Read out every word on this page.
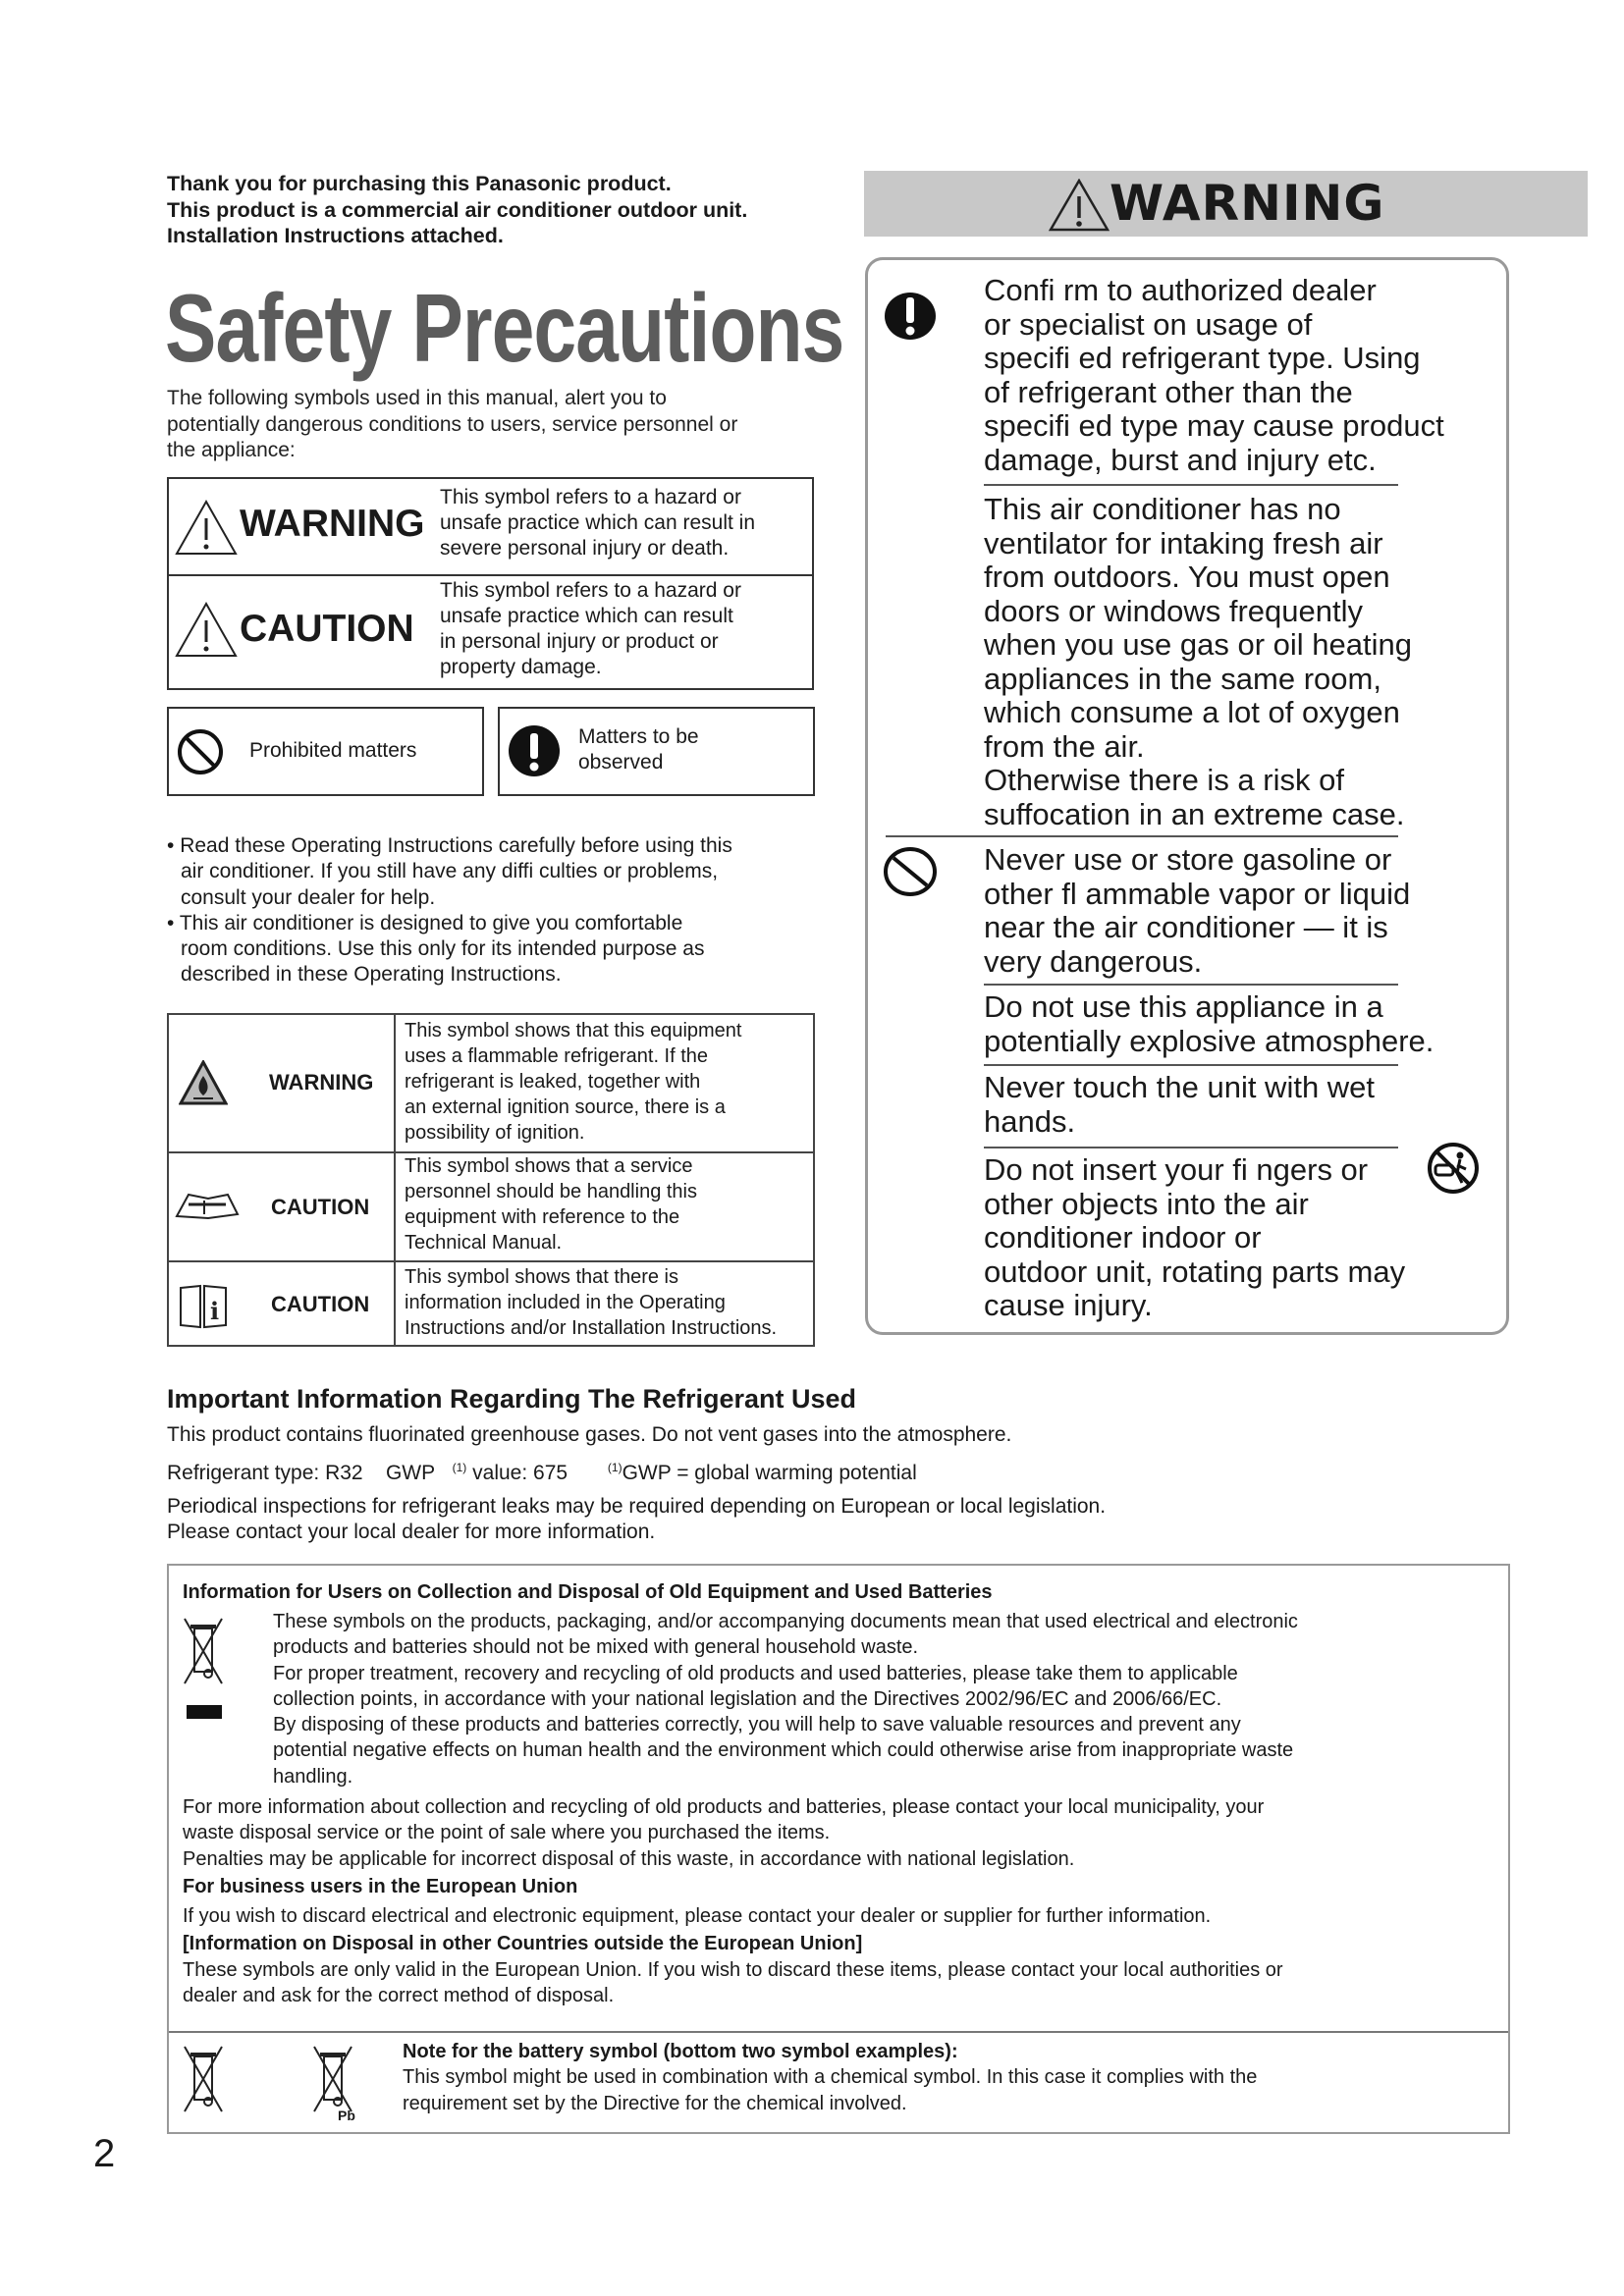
Thank you for purchasing this Panasonic product.
This product is a commercial air conditioner outdoor unit.
Installation Instructions attached.
Safety Precautions
The following symbols used in this manual, alert you to
potentially dangerous conditions to users, service personnel or
the appliance:
WARNING
This symbol refers to a hazard or
unsafe practice which can result in
severe personal injury or death.
CAUTION
This symbol refers to a hazard or
unsafe practice which can result
in personal injury or product or
property damage.
Prohibited matters
Matters to be
observed
• Read these Operating Instructions carefully before using this
air conditioner. If you still have any diffi culties or problems,
consult your dealer for help.
• This air conditioner is designed to give you comfortable
room conditions. Use this only for its intended purpose as
described in these Operating Instructions.
WARNING
This symbol shows that this equipment
uses a flammable refrigerant. If the
refrigerant is leaked, together with
an external ignition source, there is a
possibility of ignition.
CAUTION
This symbol shows that a service
personnel should be handling this
equipment with reference to the
Technical Manual.
i CAUTION
This symbol shows that there is
information included in the Operating
Instructions and/or Installation Instructions.
WARNING
Confi rm to authorized dealer
or specialist on usage of
specifi ed refrigerant type. Using
of refrigerant other than the
specifi ed type may cause product
damage, burst and injury etc.
This air conditioner has no
ventilator for intaking fresh air
from outdoors. You must open
doors or windows frequently
when you use gas or oil heating
appliances in the same room,
which consume a lot of oxygen
from the air.
Otherwise there is a risk of
suffocation in an extreme case.
Never use or store gasoline or
other fl ammable vapor or liquid
near the air conditioner — it is
very dangerous.
Do not use this appliance in a
potentially explosive atmosphere.
Never touch the unit with wet
hands.
Do not insert your fi ngers or
other objects into the air
conditioner indoor or
outdoor unit, rotating parts may
cause injury.
Important Information Regarding The Refrigerant Used
This product contains fluorinated greenhouse gases. Do not vent gases into the atmosphere.
Refrigerant type: R32 GWP $^{(1)}$ value: 675	$^{(1)}$GWP = global warming potential
Periodical inspections for refrigerant leaks may be required depending on European or local legislation.
Please contact your local dealer for more information.
Information for Users on Collection and Disposal of Old Equipment and Used Batteries
These symbols on the products, packaging, and/or accompanying documents mean that used electrical and electronic
products and batteries should not be mixed with general household waste.
For proper treatment, recovery and recycling of old products and used batteries, please take them to applicable
collection points, in accordance with your national legislation and the Directives 2002/96/EC and 2006/66/EC.
By disposing of these products and batteries correctly, you will help to save valuable resources and prevent any
potential negative effects on human health and the environment which could otherwise arise from inappropriate waste
handling.
For more information about collection and recycling of old products and batteries, please contact your local municipality, your
waste disposal service or the point of sale where you purchased the items.
Penalties may be applicable for incorrect disposal of this waste, in accordance with national legislation.
For business users in the European Union
If you wish to discard electrical and electronic equipment, please contact your dealer or supplier for further information.
[Information on Disposal in other Countries outside the European Union]
These symbols are only valid in the European Union. If you wish to discard these items, please contact your local authorities or
dealer and ask for the correct method of disposal.
Pb
Note for the battery symbol (bottom two symbol examples):
This symbol might be used in combination with a chemical symbol. In this case it complies with the
requirement set by the Directive for the chemical involved.
2
